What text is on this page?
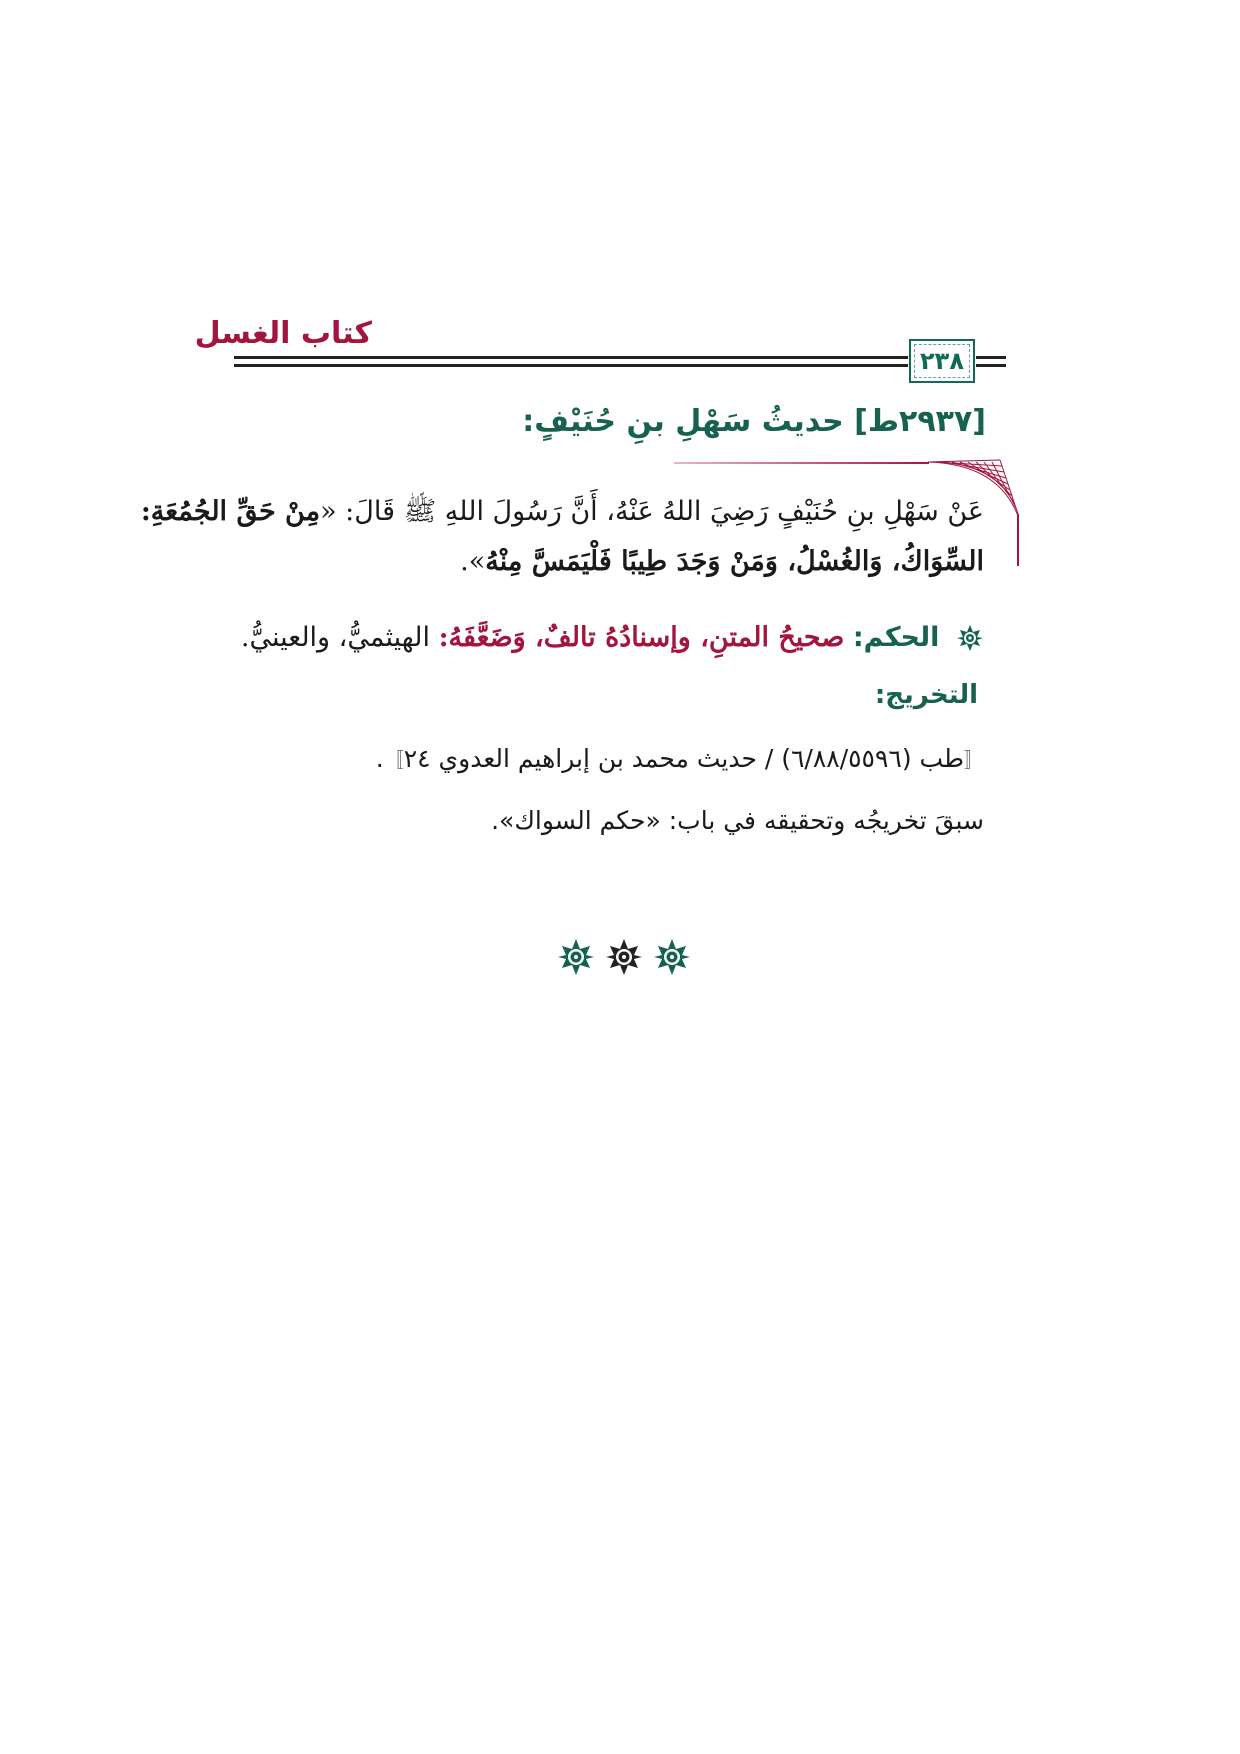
كتاب الغسل
٢٣٨
[٢٩٣٧ط] حديثُ سَهْلِ بنِ حُنَيْفٍ:
عَنْ سَهْلِ بنِ حُنَيْفٍ رَضِيَ اللهُ عَنْهُ، أَنَّ رَسُولَ اللهِ ﷺ قَالَ: «مِنْ حَقِّ الجُمُعَةِ:
السِّوَاكُ، وَالغُسْلُ، وَمَنْ وَجَدَ طِيبًا فَلْيَمَسَّ مِنْهُ».
الحكم: صحيحُ المتنِ، وإسنادُهُ تالفٌ، وَضَعَّفَهُ: الهيثميُّ، والعينيُّ.
التخريج:
〚طب (٦/٨٨/٥٥٩٦) / حديث محمد بن إبراهيم العدوي ٢٤〛.
سبقَ تخريجُه وتحقيقه في باب: «حكم السواك».
